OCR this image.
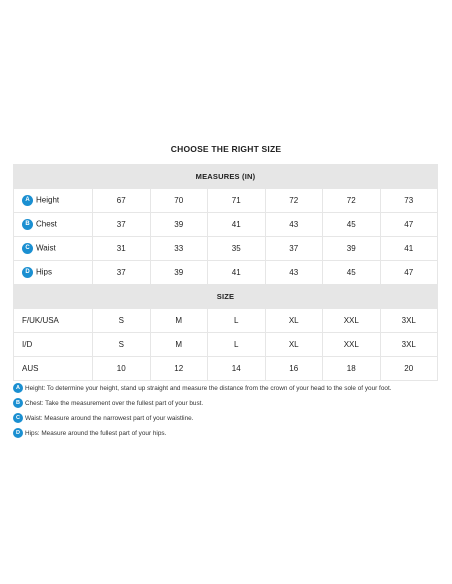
CHOOSE THE RIGHT SIZE
MEASURES (IN)						
A Height	67	70	71	72	72	73
B Chest	37	39	41	43	45	47
C Waist	31	33	35	37	39	41
D Hips	37	39	41	43	45	47
SIZE						
F/UK/USA	S	M	L	XL	XXL	3XL
I/D	S	M	L	XL	XXL	3XL
AUS	10	12	14	16	18	20
A Height: To determine your height, stand up straight and measure the distance from the crown of your head to the sole of your foot.
B Chest: Take the measurement over the fullest part of your bust.
C Waist: Measure around the narrowest part of your waistline.
D Hips: Measure around the fullest part of your hips.
